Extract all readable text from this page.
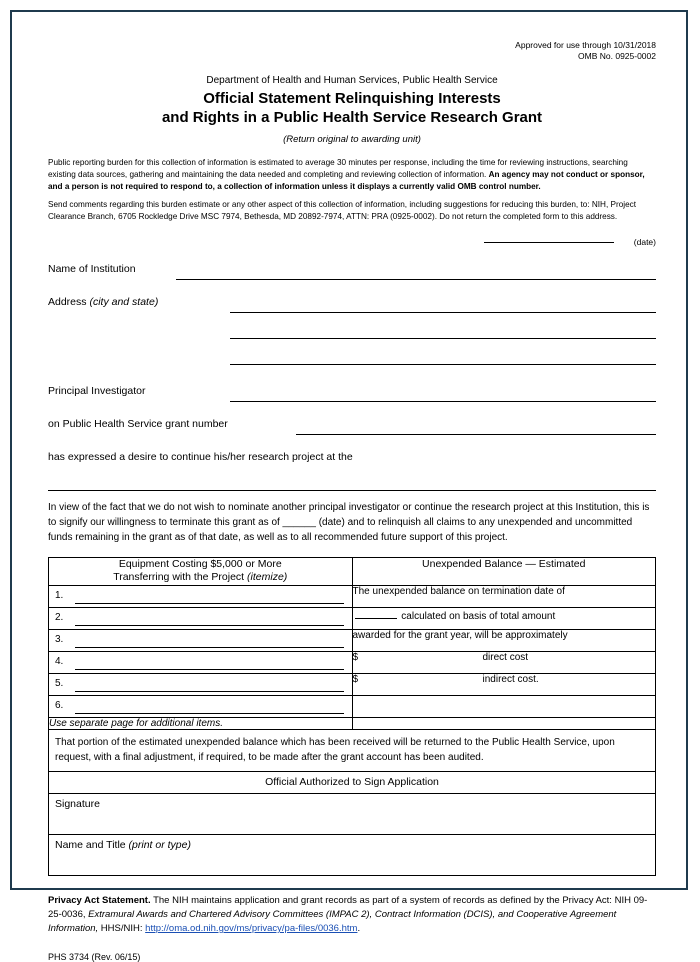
Approved for use through 10/31/2018
OMB No. 0925-0002
Department of Health and Human Services, Public Health Service
Official Statement Relinquishing Interests
and Rights in a Public Health Service Research Grant
(Return original to awarding unit)
Public reporting burden for this collection of information is estimated to average 30 minutes per response, including the time for reviewing instructions, searching existing data sources, gathering and maintaining the data needed and completing and reviewing collection of information. An agency may not conduct or sponsor, and a person is not required to respond to, a collection of information unless it displays a currently valid OMB control number.
Send comments regarding this burden estimate or any other aspect of this collection of information, including suggestions for reducing this burden, to: NIH, Project Clearance Branch, 6705 Rockledge Drive MSC 7974, Bethesda, MD 20892-7974, ATTN: PRA (0925-0002). Do not return the completed form to this address.
(date)
Name of Institution
Address (city and state)
Principal Investigator
on Public Health Service grant number
has expressed a desire to continue his/her research project at the
In view of the fact that we do not wish to nominate another principal investigator or continue the research project at this Institution, this is to signify our willingness to terminate this grant as of ______ (date) and to relinquish all claims to any unexpended and uncommitted funds remaining in the grant as of that date, as well as to all recommended future support of this project.
Equipment Costing $5,000 or More
Transferring with the Project (itemize)	Unexpended Balance — Estimated

1.	The unexpended balance on termination date of

2.	calculated on basis of total amount

3.	awarded for the grant year, will be approximately

4.	$ direct cost

5.	$ indirect cost.

6.	

Use separate page for additional items.	
That portion of the estimated unexpended balance which has been received will be returned to the Public Health Service, upon request, with a final adjustment, if required, to be made after the grant account has been audited.
Official Authorized to Sign Application
Signature
Name and Title (print or type)
Privacy Act Statement. The NIH maintains application and grant records as part of a system of records as defined by the Privacy Act: NIH 09-25-0036, Extramural Awards and Chartered Advisory Committees (IMPAC 2), Contract Information (DCIS), and Cooperative Agreement Information, HHS/NIH: http://oma.od.nih.gov/ms/privacy/pa-files/0036.htm.
PHS 3734 (Rev. 06/15)
